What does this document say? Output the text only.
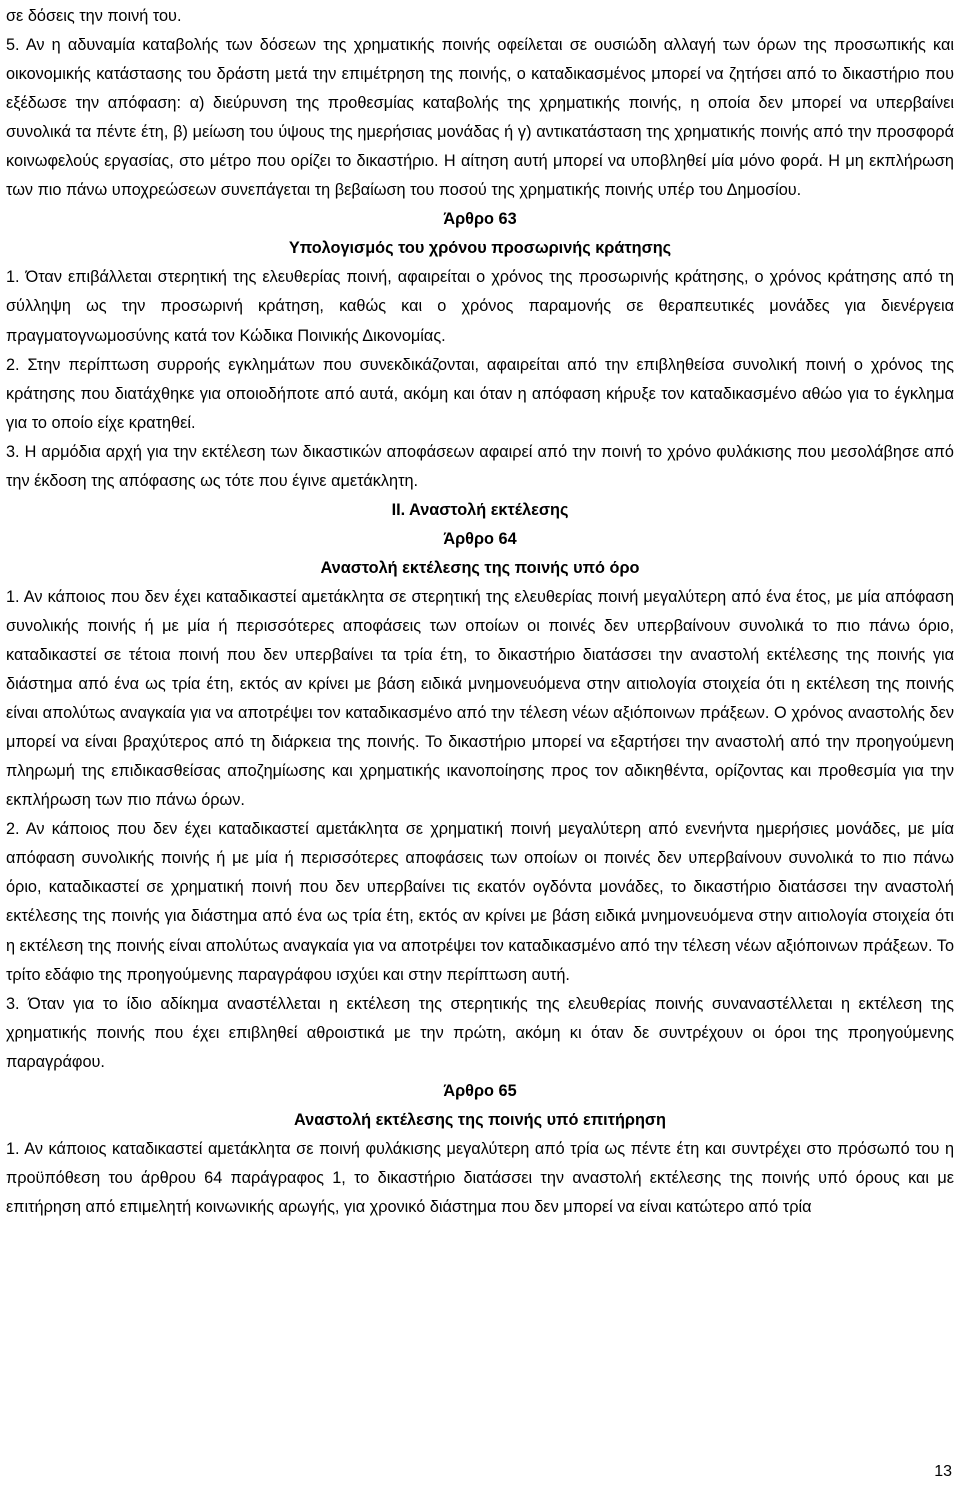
σε δόσεις την ποινή του.

5. Αν η αδυναμία καταβολής των δόσεων της χρηματικής ποινής οφείλεται σε ουσιώδη αλλαγή των όρων της προσωπικής και οικονομικής κατάστασης του δράστη μετά την επιμέτρηση της ποινής, ο καταδικασμένος μπορεί να ζητήσει από το δικαστήριο που εξέδωσε την απόφαση: α) διεύρυνση της προθεσμίας καταβολής της χρηματικής ποινής, η οποία δεν μπορεί να υπερβαίνει συνολικά τα πέντε έτη, β) μείωση του ύψους της ημερήσιας μονάδας ή γ) αντικατάσταση της χρηματικής ποινής από την προσφορά κοινωφελούς εργασίας, στο μέτρο που ορίζει το δικαστήριο. Η αίτηση αυτή μπορεί να υποβληθεί μία μόνο φορά. Η μη εκπλήρωση των πιο πάνω υποχρεώσεων συνεπάγεται τη βεβαίωση του ποσού της χρηματικής ποινής υπέρ του Δημοσίου.

Άρθρο 63
Υπολογισμός του χρόνου προσωρινής κράτησης

1. Όταν επιβάλλεται στερητική της ελευθερίας ποινή, αφαιρείται ο χρόνος της προσωρινής κράτησης, ο χρόνος κράτησης από τη σύλληψη ως την προσωρινή κράτηση, καθώς και ο χρόνος παραμονής σε θεραπευτικές μονάδες για διενέργεια πραγματογνωμοσύνης κατά τον Κώδικα Ποινικής Δικονομίας.

2. Στην περίπτωση συρροής εγκλημάτων που συνεκδικάζονται, αφαιρείται από την επιβληθείσα συνολική ποινή ο χρόνος της κράτησης που διατάχθηκε για οποιοδήποτε από αυτά, ακόμη και όταν η απόφαση κήρυξε τον καταδικασμένο αθώο για το έγκλημα για το οποίο είχε κρατηθεί.

3. Η αρμόδια αρχή για την εκτέλεση των δικαστικών αποφάσεων αφαιρεί από την ποινή το χρόνο φυλάκισης που μεσολάβησε από την έκδοση της απόφασης ως τότε που έγινε αμετάκλητη.

ΙΙ. Αναστολή εκτέλεσης
Άρθρο 64
Αναστολή εκτέλεσης της ποινής υπό όρο

1. Αν κάποιος που δεν έχει καταδικαστεί αμετάκλητα σε στερητική της ελευθερίας ποινή μεγαλύτερη από ένα έτος, με μία απόφαση συνολικής ποινής ή με μία ή περισσότερες αποφάσεις των οποίων οι ποινές δεν υπερβαίνουν συνολικά το πιο πάνω όριο, καταδικαστεί σε τέτοια ποινή που δεν υπερβαίνει τα τρία έτη, το δικαστήριο διατάσσει την αναστολή εκτέλεσης της ποινής για διάστημα από ένα ως τρία έτη, εκτός αν κρίνει με βάση ειδικά μνημονευόμενα στην αιτιολογία στοιχεία ότι η εκτέλεση της ποινής είναι απολύτως αναγκαία για να αποτρέψει τον καταδικασμένο από την τέλεση νέων αξιόποινων πράξεων. Ο χρόνος αναστολής δεν μπορεί να είναι βραχύτερος από τη διάρκεια της ποινής. Το δικαστήριο μπορεί να εξαρτήσει την αναστολή από την προηγούμενη πληρωμή της επιδικασθείσας αποζημίωσης και χρηματικής ικανοποίησης προς τον αδικηθέντα, ορίζοντας και προθεσμία για την εκπλήρωση των πιο πάνω όρων.

2. Αν κάποιος που δεν έχει καταδικαστεί αμετάκλητα σε χρηματική ποινή μεγαλύτερη από ενενήντα ημερήσιες μονάδες, με μία απόφαση συνολικής ποινής ή με μία ή περισσότερες αποφάσεις των οποίων οι ποινές δεν υπερβαίνουν συνολικά το πιο πάνω όριο, καταδικαστεί σε χρηματική ποινή που δεν υπερβαίνει τις εκατόν ογδόντα μονάδες, το δικαστήριο διατάσσει την αναστολή εκτέλεσης της ποινής για διάστημα από ένα ως τρία έτη, εκτός αν κρίνει με βάση ειδικά μνημονευόμενα στην αιτιολογία στοιχεία ότι η εκτέλεση της ποινής είναι απολύτως αναγκαία για να αποτρέψει τον καταδικασμένο από την τέλεση νέων αξιόποινων πράξεων. Το τρίτο εδάφιο της προηγούμενης παραγράφου ισχύει και στην περίπτωση αυτή.

3. Όταν για το ίδιο αδίκημα αναστέλλεται η εκτέλεση της στερητικής της ελευθερίας ποινής συναναστέλλεται η εκτέλεση της χρηματικής ποινής που έχει επιβληθεί αθροιστικά με την πρώτη, ακόμη κι όταν δε συντρέχουν οι όροι της προηγούμενης παραγράφου.

Άρθρο 65
Αναστολή εκτέλεσης της ποινής υπό επιτήρηση

1. Αν κάποιος καταδικαστεί αμετάκλητα σε ποινή φυλάκισης μεγαλύτερη από τρία ως πέντε έτη και συντρέχει στο πρόσωπό του η προϋπόθεση του άρθρου 64 παράγραφος 1, το δικαστήριο διατάσσει την αναστολή εκτέλεσης της ποινής υπό όρους και με επιτήρηση από επιμελητή κοινωνικής αρωγής, για χρονικό διάστημα που δεν μπορεί να είναι κατώτερο από τρία

13
